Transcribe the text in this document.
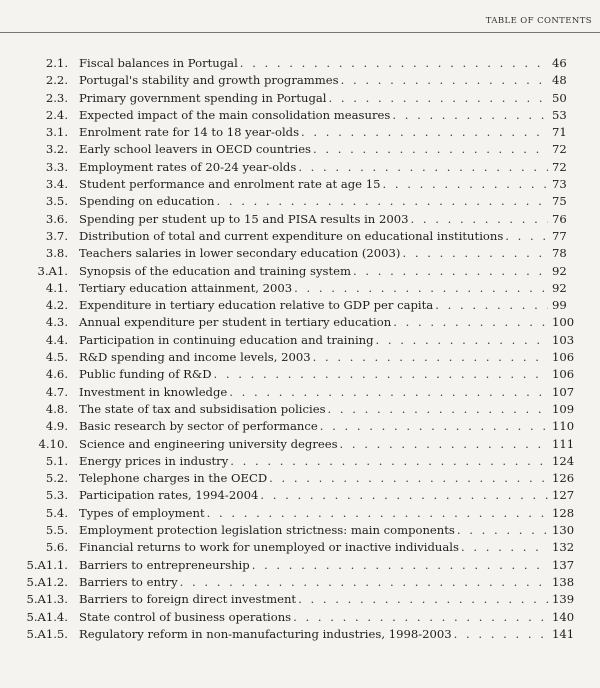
TABLE OF CONTENTS
2.1. Fiscal balances in Portugal . . .	46
2.2. Portugal's stability and growth programmes . . .	48
2.3. Primary government spending in Portugal . . .	50
2.4. Expected impact of the main consolidation measures . . .	53
3.1. Enrolment rate for 14 to 18 year-olds . . .	71
3.2. Early school leavers in OECD countries . . .	72
3.3. Employment rates of 20-24 year-olds . . .	72
3.4. Student performance and enrolment rate at age 15 . . .	73
3.5. Spending on education . . .	75
3.6. Spending per student up to 15 and PISA results in 2003 . . .	76
3.7. Distribution of total and current expenditure on educational institutions . . .	77
3.8. Teachers salaries in lower secondary education (2003) . . .	78
3.A1. Synopsis of the education and training system . . .	92
4.1. Tertiary education attainment, 2003 . . .	92
4.2. Expenditure in tertiary education relative to GDP per capita . . .	99
4.3. Annual expenditure per student in tertiary education . . .	100
4.4. Participation in continuing education and training . . .	103
4.5. R&D spending and income levels, 2003 . . .	106
4.6. Public funding of R&D . . .	106
4.7. Investment in knowledge . . .	107
4.8. The state of tax and subsidisation policies . . .	109
4.9. Basic research by sector of performance . . .	110
4.10. Science and engineering university degrees . . .	111
5.1. Energy prices in industry . . .	124
5.2. Telephone charges in the OECD . . .	126
5.3. Participation rates, 1994-2004 . . .	127
5.4. Types of employment . . .	128
5.5. Employment protection legislation strictness: main components . . .	130
5.6. Financial returns to work for unemployed or inactive individuals . . .	132
5.A1.1. Barriers to entrepreneurship . . .	137
5.A1.2. Barriers to entry . . .	138
5.A1.3. Barriers to foreign direct investment . . .	139
5.A1.4. State control of business operations . . .	140
5.A1.5. Regulatory reform in non-manufacturing industries, 1998-2003 . . .	141
